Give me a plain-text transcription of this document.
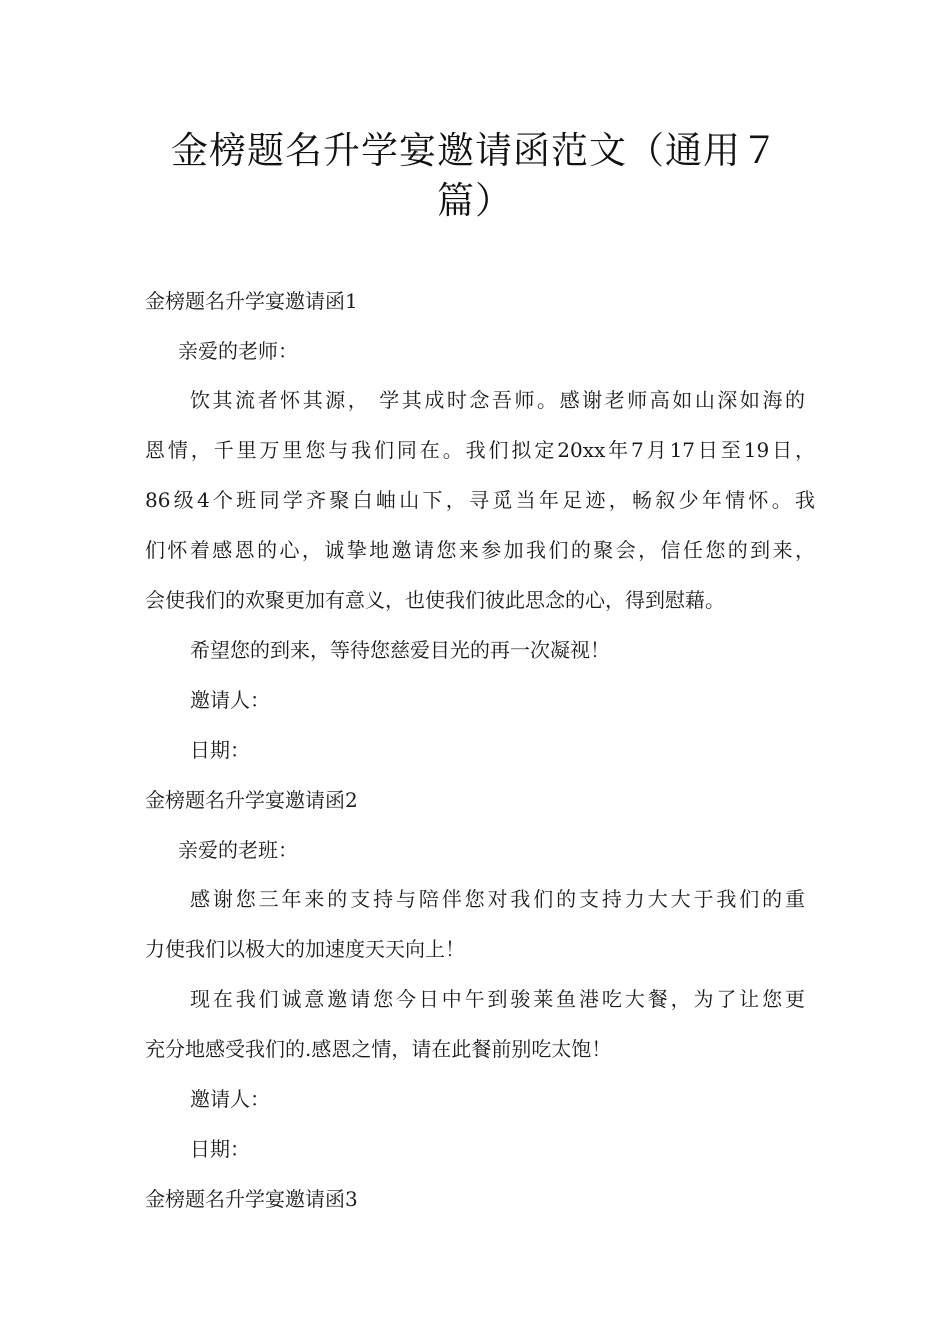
金榜题名升学宴邀请函范文（通用７
篇）
金榜题名升学宴邀请函1
亲爱的老师：
饮其流者怀其源， 学其成时念吾师。感谢老师高如山深如海的
恩情，千里万里您与我们同在。我们拟定20xx年7月17日至19日，
86级4个班同学齐聚白岫山下，寻觅当年足迹，畅叙少年情怀。我
们怀着感恩的心，诚挚地邀请您来参加我们的聚会，信任您的到来，
会使我们的欢聚更加有意义，也使我们彼此思念的心，得到慰藉。
希望您的到来，等待您慈爱目光的再一次凝视！
邀请人：
日期：
金榜题名升学宴邀请函2
亲爱的老班：
感谢您三年来的支持与陪伴您对我们的支持力大大于我们的重
力使我们以极大的加速度天天向上！
现在我们诚意邀请您今日中午到骏莱鱼港吃大餐，为了让您更
充分地感受我们的.感恩之情，请在此餐前别吃太饱！
邀请人：
日期：
金榜题名升学宴邀请函3
